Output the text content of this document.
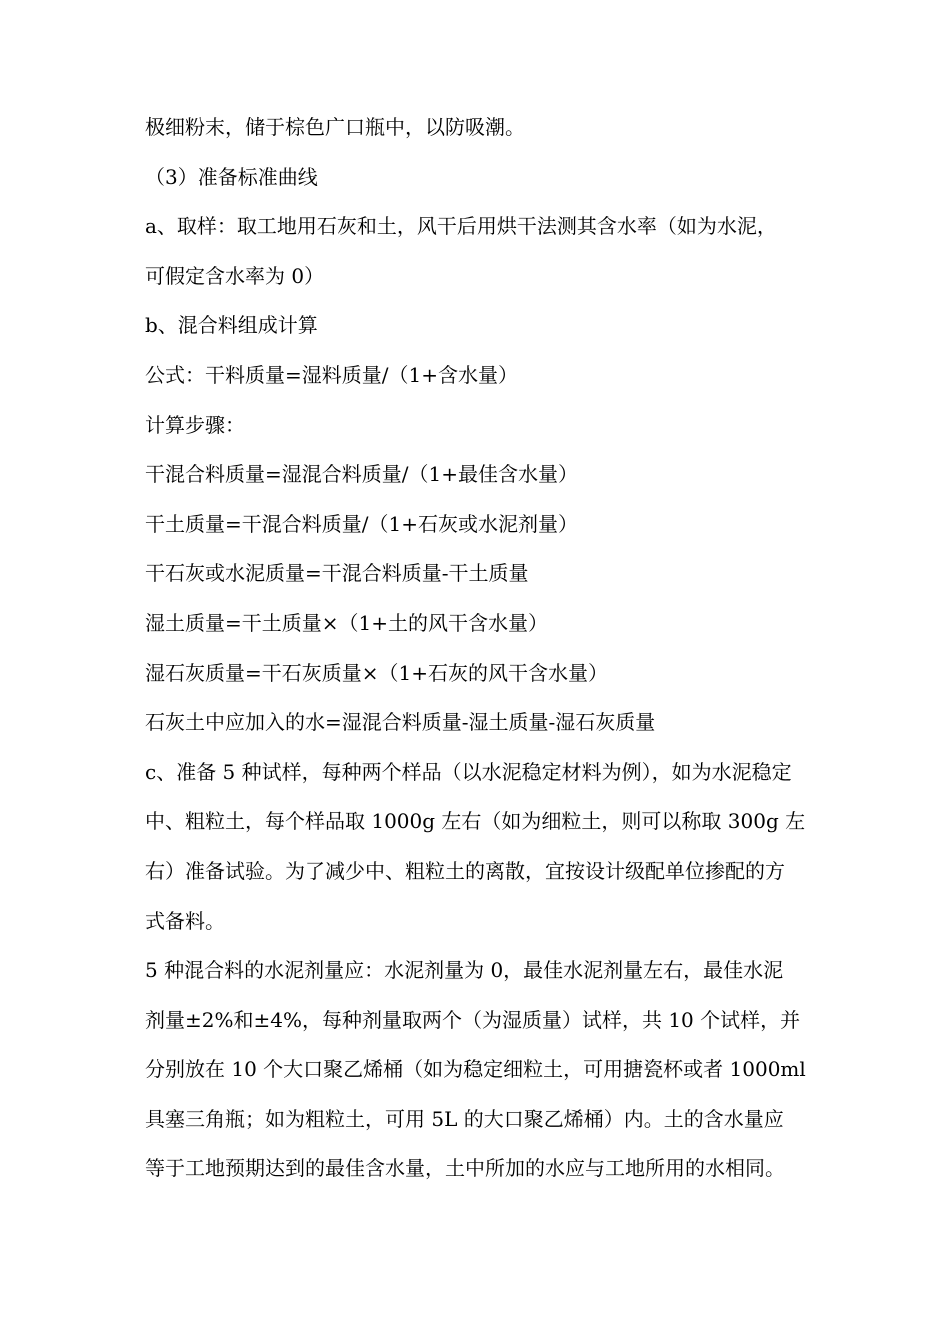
极细粉末，储于棕色广口瓶中，以防吸潮。
（3）准备标准曲线
a、取样：取工地用石灰和土，风干后用烘干法测其含水率（如为水泥，
可假定含水率为 0）
b、混合料组成计算
公式：干料质量=湿料质量/（1+含水量）
计算步骤：
干混合料质量=湿混合料质量/（1+最佳含水量）
干土质量=干混合料质量/（1+石灰或水泥剂量）
干石灰或水泥质量=干混合料质量-干土质量
湿土质量=干土质量×（1+土的风干含水量）
湿石灰质量=干石灰质量×（1+石灰的风干含水量）
石灰土中应加入的水=湿混合料质量-湿土质量-湿石灰质量
c、准备 5 种试样，每种两个样品（以水泥稳定材料为例），如为水泥稳定
中、粗粒土，每个样品取 1000g 左右（如为细粒土，则可以称取 300g 左
右）准备试验。为了减少中、粗粒土的离散，宜按设计级配单位掺配的方
式备料。
5 种混合料的水泥剂量应：水泥剂量为 0，最佳水泥剂量左右，最佳水泥
剂量±2%和±4%，每种剂量取两个（为湿质量）试样，共 10 个试样，并
分别放在 10 个大口聚乙烯桶（如为稳定细粒土，可用搪瓷杯或者 1000ml
具塞三角瓶；如为粗粒土，可用 5L 的大口聚乙烯桶）内。土的含水量应
等于工地预期达到的最佳含水量，土中所加的水应与工地所用的水相同。
